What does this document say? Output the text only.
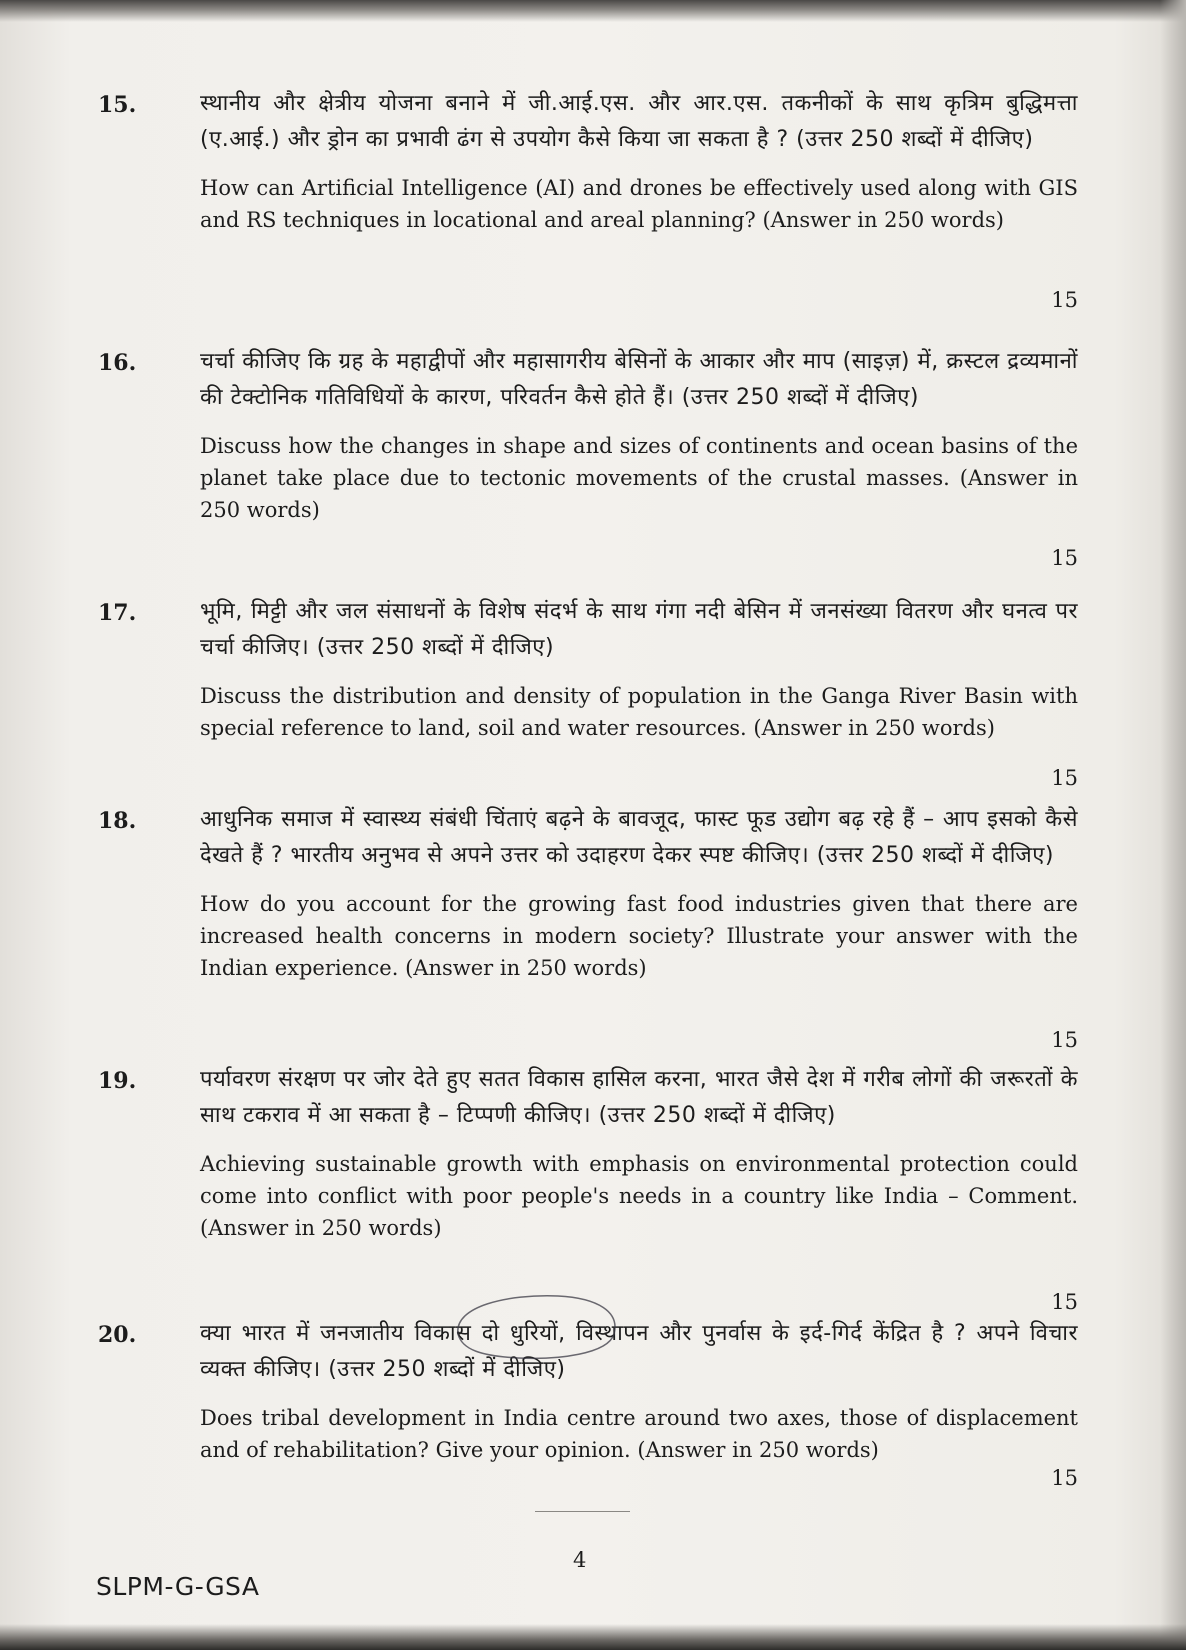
15.	स्थानीय और क्षेत्रीय योजना बनाने में जी.आई.एस. और आर.एस. तकनीकों के साथ कृत्रिम बुद्धिमत्ता (ए.आई.) और ड्रोन का प्रभावी ढंग से उपयोग कैसे किया जा सकता है ? (उत्तर 250 शब्दों में दीजिए)

How can Artificial Intelligence (AI) and drones be effectively used along with GIS and RS techniques in locational and areal planning? (Answer in 250 words)

15
16.	चर्चा कीजिए कि ग्रह के महाद्वीपों और महासागरीय बेसिनों के आकार और माप (साइज़) में, क्रस्टल द्रव्यमानों की टेक्टोनिक गतिविधियों के कारण, परिवर्तन कैसे होते हैं। (उत्तर 250 शब्दों में दीजिए)

Discuss how the changes in shape and sizes of continents and ocean basins of the planet take place due to tectonic movements of the crustal masses. (Answer in 250 words)

15

भूमि, मिट्टी और जल संसाधनों के विशेष संदर्भ के साथ गंगा नदी बेसिन में जनसंख्या वितरण और घनत्व पर चर्चा कीजिए। (उत्तर 250 शब्दों में दीजिए)

Discuss the distribution and density of population in the Ganga River Basin with special reference to land, soil and water resources. (Answer in 250 words)

17.
15
18.	आधुनिक समाज में स्वास्थ्य संबंधी चिंताएं बढ़ने के बावजूद, फास्ट फूड उद्योग बढ़ रहे हैं – आप इसको कैसे देखते हैं ? भारतीय अनुभव से अपने उत्तर को उदाहरण देकर स्पष्ट कीजिए। (उत्तर 250 शब्दों में दीजिए)

How do you account for the growing fast food industries given that there are increased health concerns in modern society? Illustrate your answer with the Indian experience. (Answer in 250 words)

15
19.	पर्यावरण संरक्षण पर जोर देते हुए सतत विकास हासिल करना, भारत जैसे देश में गरीब लोगों की जरूरतों के साथ टकराव में आ सकता है – टिप्पणी कीजिए। (उत्तर 250 शब्दों में दीजिए)

Achieving sustainable growth with emphasis on environmental protection could come into conflict with poor people's needs in a country like India – Comment. (Answer in 250 words)

15
20.	क्या भारत में जनजातीय विकास दो धुरियों, विस्थापन और पुनर्वास के इर्द-गिर्द केंद्रित है ? अपने विचार व्यक्त कीजिए। (उत्तर 250 शब्दों में दीजिए)

Does tribal development in India centre around two axes, those of displacement and of rehabilitation? Give your opinion. (Answer in 250 words)

15
4
SLPM-G-GSA
